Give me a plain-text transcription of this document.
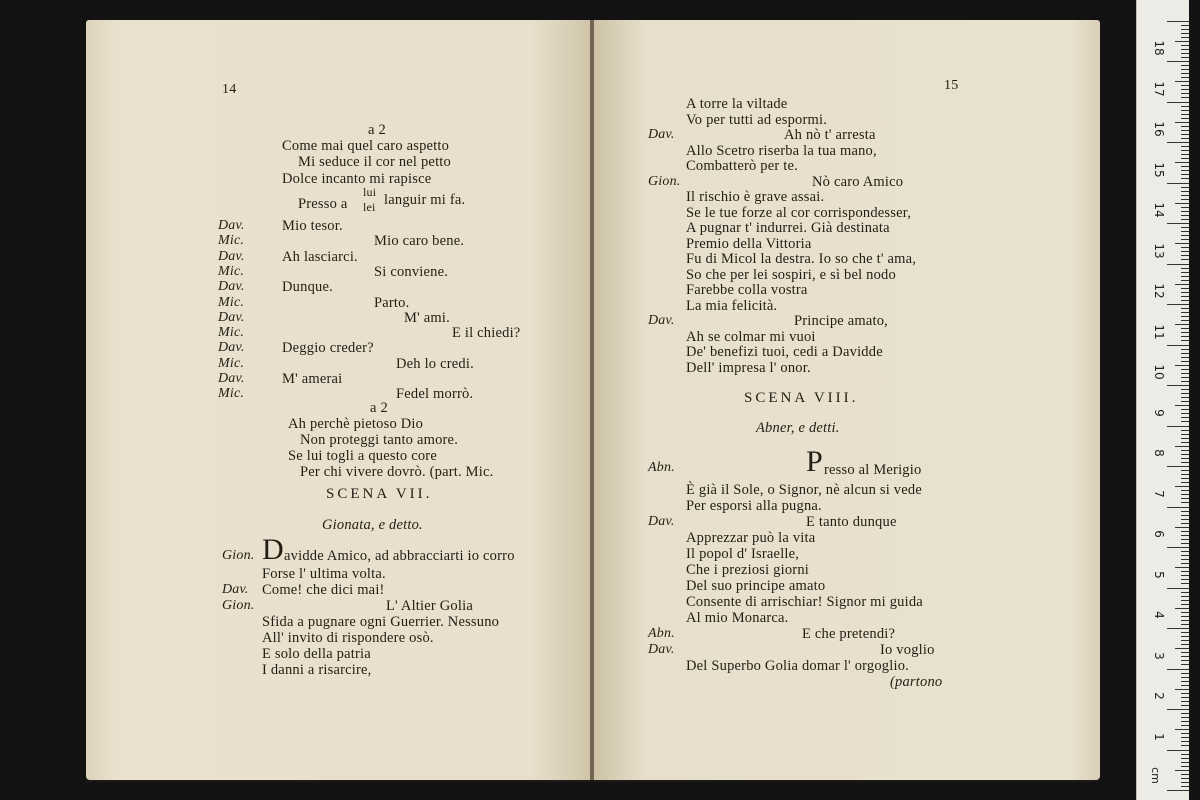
14
a 2
Come mai quel caro aspetto
Mi seduce il cor nel petto
Dolce incanto mi rapisce
Presso a
lui
lei languir mi fa.
Dav.	Mio tesor.
Mic.	Mio caro bene.
Dav.	Ah lasciarci.
Mic.	Si conviene.
Dav.	Dunque.
Mic.	Parto.
Dav.	M' ami.
Mic.	E il chiedi?
Dav.	Deggio creder?
Mic.	Deh lo credi.
Dav.	M' amerai
Mic.	Fedel morrò.
a 2
Ah perchè pietoso Dio
Non proteggi tanto amore.
Se lui togli a questo core
Per chi vivere dovrò. (part. Mic.
SCENA VII.
Gionata, e detto.
Gion. D avidde Amico, ad abbracciarti io corro
Forse l' ultima volta.
Dav. Come! che dici mai!
Gion.	L' Altier Golia
Sfida a pugnare ogni Guerrier. Nessuno
All' invito di rispondere osò.
E solo della patria
I danni a risarcire,
15
A torre la viltade
Vo per tutti ad espormi.
Dav.	Ah nò t' arresta
Allo Scetro riserba la tua mano,
Combatterò per te.
Gion.	Nò caro Amico
Il rischio è grave assai.
Se le tue forze al cor corrispondesser,
A pugnar t' indurrei. Già destinata
Premio della Vittoria
Fu di Micol la destra. Io so che t' ama,
So che per lei sospiri, e sì bel nodo
Farebbe colla vostra
La mia felicità.
Dav.	Principe amato,
Ah se colmar mi vuoi
De' benefizi tuoi, cedi a Davidde
Dell' impresa l' onor.
SCENA VIII.
Abner, e detti.
Abn.	P resso al Merigio
È già il Sole, o Signor, nè alcun si vede
Per esporsi alla pugna.
Dav.	E tanto dunque
Apprezzar può la vita
Il popol d' Israelle,
Che i preziosi giorni
Del suo principe amato
Consente di arrischiar! Signor mi guida
Al mio Monarca.
Abn.	E che pretendi?
Dav.	Io voglio
Del Superbo Golia domar l' orgoglio.
(partono
cm
18
17
16
15
14
13
12
11
10
9
8
7
6
5
4
3
2
1
